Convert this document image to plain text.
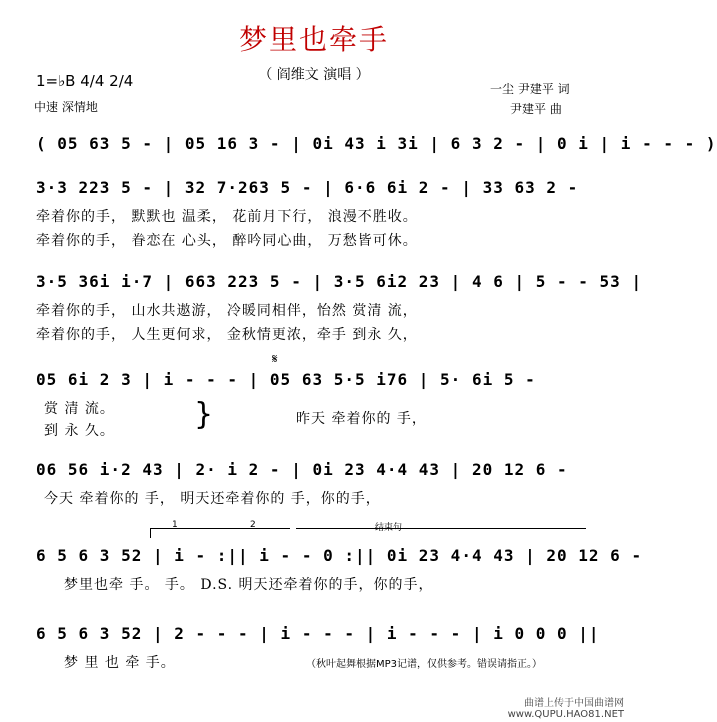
梦里也牵手
（ 阎维文 演唱 ）
1=♭B 4/4 2/4
中速 深情地
一尘 尹建平 词
尹建平 曲
( 05 63 5 - | 05 16 3 - | 0i 43 i 3i | 6 3 2 - | 0 i | i - - - )
3·3 223 5 - | 32 7·263 5 - | 6·6 6i 2 - | 33 63 2 -
牵着你的手， 默默也 温柔， 花前月下行， 浪漫不胜收。
牵着你的手， 眷恋在 心头， 醉吟同心曲， 万愁皆可休。
3·5 36i i·7 | 663 223 5 - | 3·5 6i2 23 | 4 6 | 5 - - 53 |
牵着你的手， 山水共遨游， 冷暖同相伴，怡然 赏清 流，
牵着你的手， 人生更何求， 金秋情更浓，牵手 到永 久，
𝄋
05 6i 2 3 | i - - - | 05 63 5·5 i76 | 5· 6i 5 -
赏 清 流。
到 永 久。	}	昨天 牵着你的 手，
06 56 i·2 43 | 2· i 2 - | 0i 23 4·4 43 | 20 12 6 -
今天 牵着你的 手， 明天还牵着你的 手，你的手，
1	2	结束句
6 5 6 3 52 | i - :|| i - - 0 :|| 0i 23 4·4 43 | 20 12 6 -
梦里也牵 手。 手。 D.S. 明天还牵着你的手，你的手，
6 5 6 3 52 | 2 - - - | i - - - | i - - - | i 0 0 0 ||
梦 里 也 牵 手。	（秋叶起舞根据MP3记谱，仅供参考。错误请指正。）
曲谱上传于中国曲谱网
www.QUPU.HAO81.NET
